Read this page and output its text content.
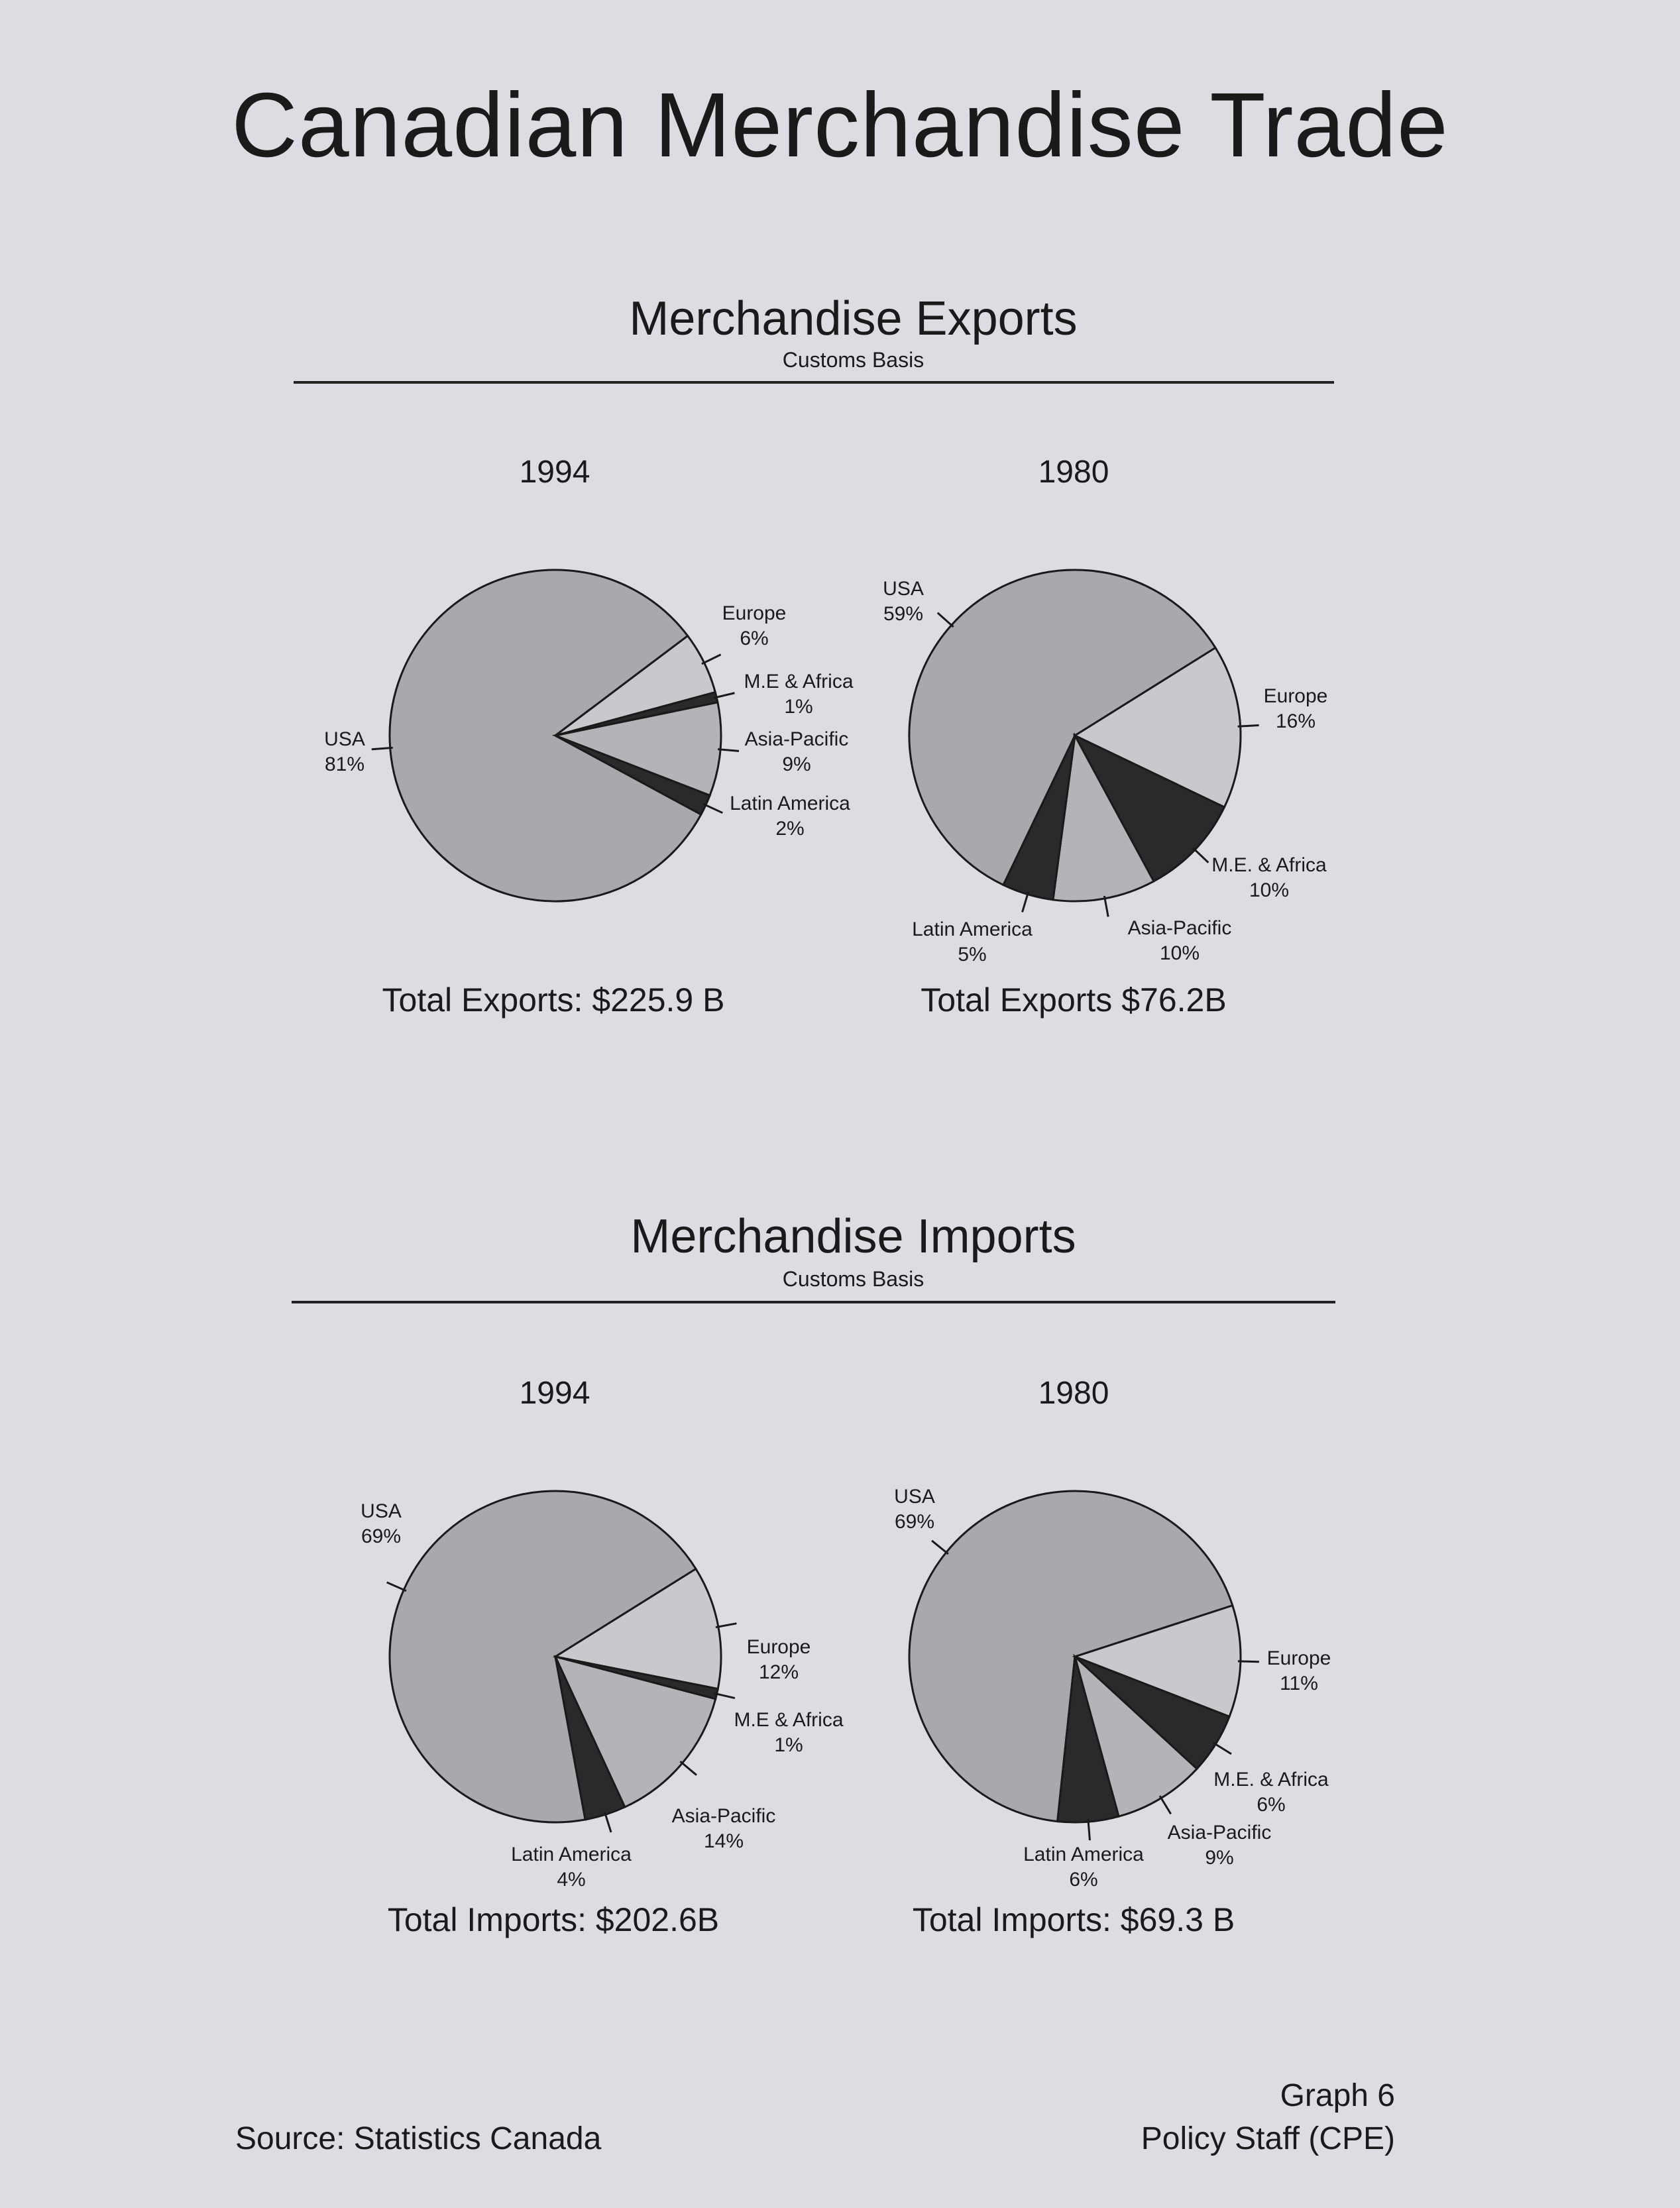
Canadian Merchandise Trade
Merchandise Exports
Customs Basis
1994	1980
Total Exports: $225.9 B	Total Exports $76.2B
Merchandise Imports
Customs Basis
1994	1980
Total Imports: $202.6B	Total Imports: $69.3 B
USA
81%
Europe
6%
M.E & Africa
1%
Asia-Pacific
9%
Latin America
2%
USA
59%
Europe
16%
M.E. & Africa
10%
Asia-Pacific
10%
Latin America
5%
USA
69%
Europe
12%
M.E & Africa
1%
Asia-Pacific
14%
Latin America
4%
USA
69%
Europe
11%
M.E. & Africa
6%
Asia-Pacific
9%
Latin America
6%
Source: Statistics Canada
Graph 6
Policy Staff (CPE)
